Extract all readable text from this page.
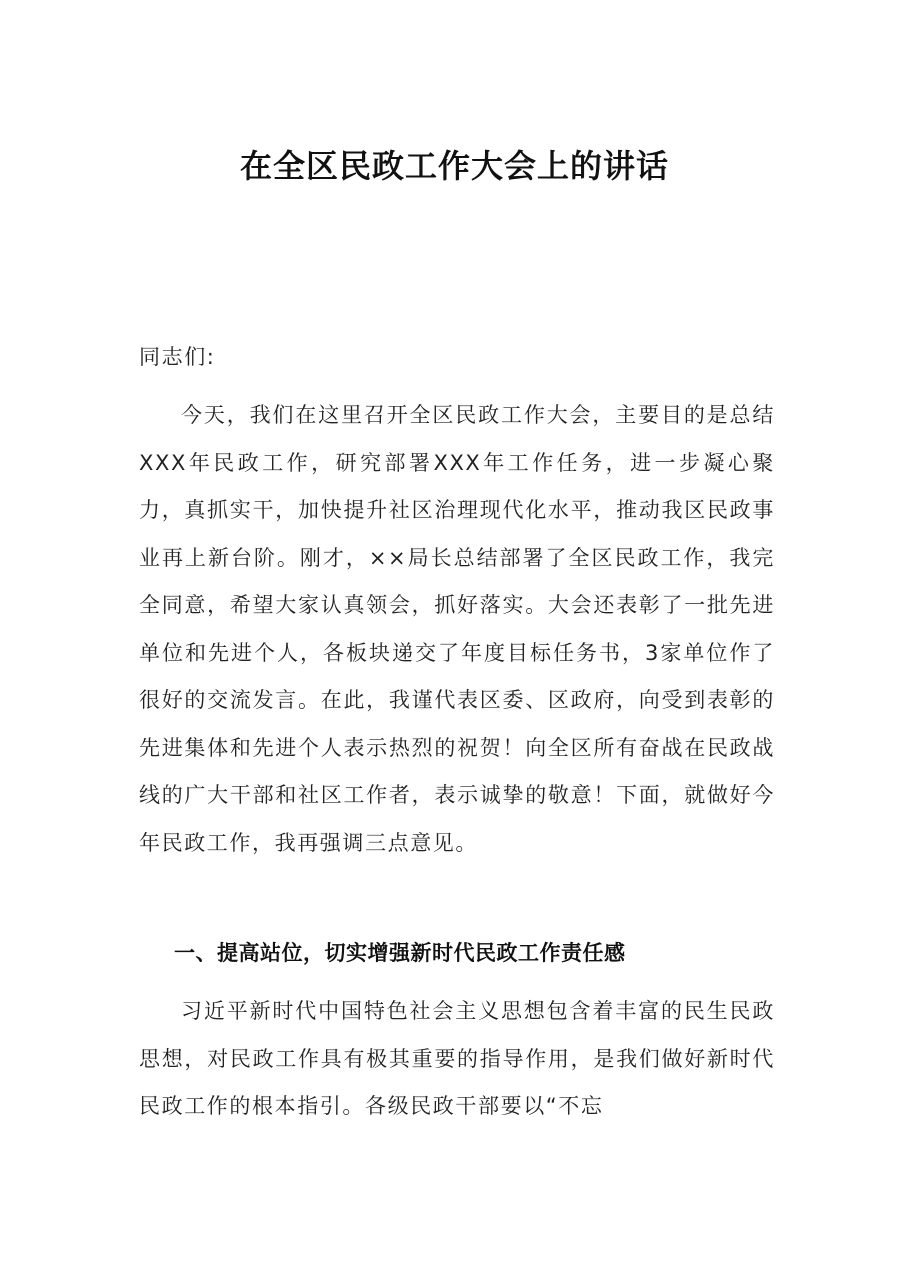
在全区民政工作大会上的讲话
同志们:
今天，我们在这里召开全区民政工作大会，主要目的是总结XXX年民政工作，研究部署XXX年工作任务，进一步凝心聚力，真抓实干，加快提升社区治理现代化水平，推动我区民政事业再上新台阶。刚才，××局长总结部署了全区民政工作，我完全同意，希望大家认真领会，抓好落实。大会还表彰了一批先进单位和先进个人，各板块递交了年度目标任务书，3家单位作了很好的交流发言。在此，我谨代表区委、区政府，向受到表彰的先进集体和先进个人表示热烈的祝贺！向全区所有奋战在民政战线的广大干部和社区工作者，表示诚挚的敬意！下面，就做好今年民政工作，我再强调三点意见。
一、提高站位，切实增强新时代民政工作责任感
习近平新时代中国特色社会主义思想包含着丰富的民生民政思想，对民政工作具有极其重要的指导作用，是我们做好新时代民政工作的根本指引。各级民政干部要以“不忘
